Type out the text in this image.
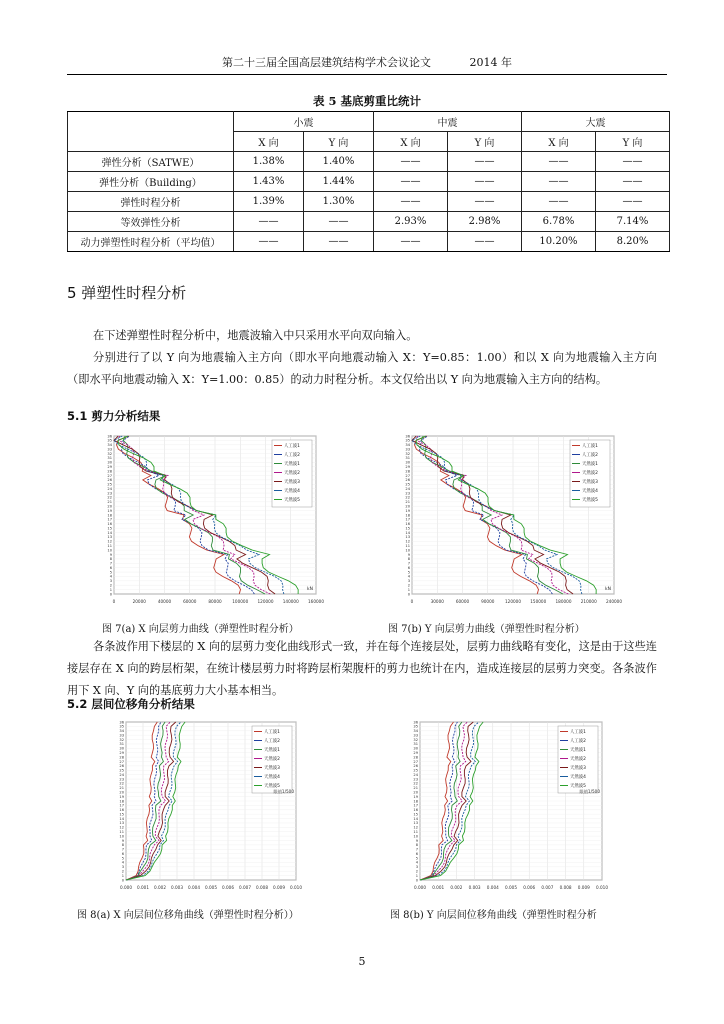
第二十三届全国高层建筑结构学术会议论文	2014 年
表 5 基底剪重比统计
	小震		中震		大震	
	X 向	Y 向	X 向	Y 向	X 向	Y 向
弹性分析（SATWE）	1.38%	1.40%	——	——	——	——
弹性分析（Building）	1.43%	1.44%	——	——	——	——
弹性时程分析	1.39%	1.30%	——	——	——	——
等效弹性分析	——	——	2.93%	2.98%	6.78%	7.14%
动力弹塑性时程分析（平均值）	——	——	——	——	10.20%	8.20%
5 弹塑性时程分析
在下述弹塑性时程分析中，地震波输入中只采用水平向双向输入。
分别进行了以 Y 向为地震输入主方向（即水平向地震动输入 X：Y=0.85：1.00）和以 X 向为地震输入主方向（即水平向地震动输入 X：Y=1.00：0.85）的动力时程分析。本文仅给出以 Y 向为地震输入主方向的结构。
5.1 剪力分析结果
0	20000	40000	60000	80000	100000 120000 140000 160000
0
1
2
3
4
5
6
7
8
9
10
11
12
13
14
15
16
17
18
19
20
21
22
23
24
25
26
27
28
29
30
31
32
33
34
35
36
人工波1
人工波2
天然波1
天然波2
天然波3
天然波4
天然波5
kN
图 7(a) X 向层剪力曲线（弹塑性时程分析）
0	30000	60000	90000	120000 150000 180000 210000 240000
0
1
2
3
4
5
6
7
8
9
10
11
12
13
14
15
16
17
18
19
20
21
22
23
24
25
26
27
28
29
30
31
32
33
34
35
36
人工波1
人工波2
天然波1
天然波2
天然波3
天然波4
天然波5
kN
图 7(b) Y 向层剪力曲线（弹塑性时程分析）
各条波作用下楼层的 X 向的层剪力变化曲线形式一致，并在每个连接层处，层剪力曲线略有变化，这是由于这些连接层存在 X 向的跨层桁架，在统计楼层剪力时将跨层桁架腹杆的剪力也统计在内，造成连接层的层剪力突变。各条波作用下 X 向、Y 向的基底剪力大小基本相当。
5.2 层间位移角分析结果
0.000 0.001 0.002 0.003 0.004 0.005 0.006 0.007 0.008 0.009 0.010
0
1
2
3
4
5
6
7
8
9
10
11
12
13
14
15
16
17
18
19
20
21
22
23
24
25
26
27
28
29
30
31
32
33
34
35
36
人工波1
人工波2
天然波1
天然波2
天然波3
天然波4
天然波5
限值1/500
图 8(a) X 向层间位移角曲线（弹塑性时程分析））
0.000 0.001 0.002 0.003 0.004 0.005 0.006 0.007 0.008 0.009 0.010
0
1
2
3
4
5
6
7
8
9
10
11
12
13
14
15
16
17
18
19
20
21
22
23
24
25
26
27
28
29
30
31
32
33
34
35
36
人工波1
人工波2
天然波1
天然波2
天然波3
天然波4
天然波5
限值1/500
图 8(b) Y 向层间位移角曲线（弹塑性时程分析
5
